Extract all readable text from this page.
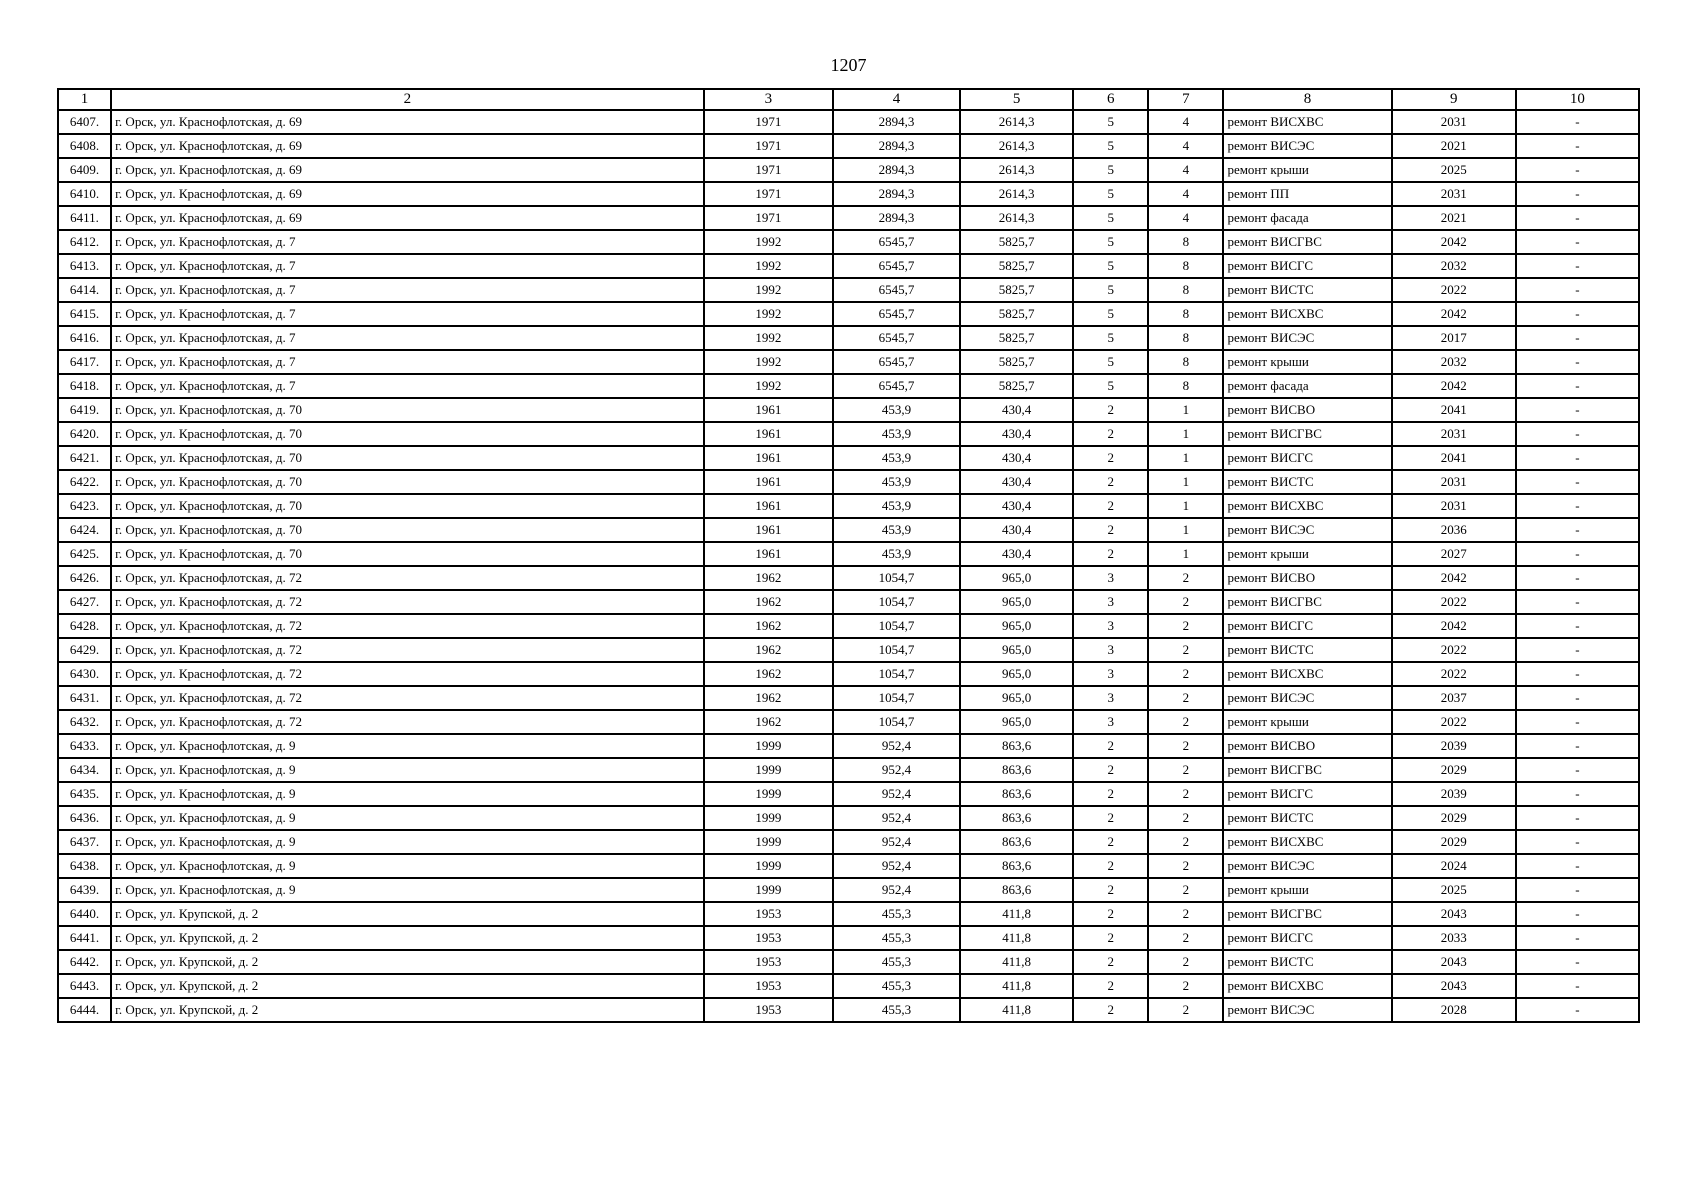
1207
1	2	3	4	5	6	7	8	9	10
6407.	г. Орск, ул. Краснофлотская, д. 69	1971	2894,3	2614,3	5	4	ремонт ВИСХВС	2031	-
6408.	г. Орск, ул. Краснофлотская, д. 69	1971	2894,3	2614,3	5	4	ремонт ВИСЭС	2021	-
6409.	г. Орск, ул. Краснофлотская, д. 69	1971	2894,3	2614,3	5	4	ремонт крыши	2025	-
6410.	г. Орск, ул. Краснофлотская, д. 69	1971	2894,3	2614,3	5	4	ремонт ПП	2031	-
6411.	г. Орск, ул. Краснофлотская, д. 69	1971	2894,3	2614,3	5	4	ремонт фасада	2021	-
6412.	г. Орск, ул. Краснофлотская, д. 7	1992	6545,7	5825,7	5	8	ремонт ВИСГВС	2042	-
6413.	г. Орск, ул. Краснофлотская, д. 7	1992	6545,7	5825,7	5	8	ремонт ВИСГС	2032	-
6414.	г. Орск, ул. Краснофлотская, д. 7	1992	6545,7	5825,7	5	8	ремонт ВИСТС	2022	-
6415.	г. Орск, ул. Краснофлотская, д. 7	1992	6545,7	5825,7	5	8	ремонт ВИСХВС	2042	-
6416.	г. Орск, ул. Краснофлотская, д. 7	1992	6545,7	5825,7	5	8	ремонт ВИСЭС	2017	-
6417.	г. Орск, ул. Краснофлотская, д. 7	1992	6545,7	5825,7	5	8	ремонт крыши	2032	-
6418.	г. Орск, ул. Краснофлотская, д. 7	1992	6545,7	5825,7	5	8	ремонт фасада	2042	-
6419.	г. Орск, ул. Краснофлотская, д. 70	1961	453,9	430,4	2	1	ремонт ВИСВО	2041	-
6420.	г. Орск, ул. Краснофлотская, д. 70	1961	453,9	430,4	2	1	ремонт ВИСГВС	2031	-
6421.	г. Орск, ул. Краснофлотская, д. 70	1961	453,9	430,4	2	1	ремонт ВИСГС	2041	-
6422.	г. Орск, ул. Краснофлотская, д. 70	1961	453,9	430,4	2	1	ремонт ВИСТС	2031	-
6423.	г. Орск, ул. Краснофлотская, д. 70	1961	453,9	430,4	2	1	ремонт ВИСХВС	2031	-
6424.	г. Орск, ул. Краснофлотская, д. 70	1961	453,9	430,4	2	1	ремонт ВИСЭС	2036	-
6425.	г. Орск, ул. Краснофлотская, д. 70	1961	453,9	430,4	2	1	ремонт крыши	2027	-
6426.	г. Орск, ул. Краснофлотская, д. 72	1962	1054,7	965,0	3	2	ремонт ВИСВО	2042	-
6427.	г. Орск, ул. Краснофлотская, д. 72	1962	1054,7	965,0	3	2	ремонт ВИСГВС	2022	-
6428.	г. Орск, ул. Краснофлотская, д. 72	1962	1054,7	965,0	3	2	ремонт ВИСГС	2042	-
6429.	г. Орск, ул. Краснофлотская, д. 72	1962	1054,7	965,0	3	2	ремонт ВИСТС	2022	-
6430.	г. Орск, ул. Краснофлотская, д. 72	1962	1054,7	965,0	3	2	ремонт ВИСХВС	2022	-
6431.	г. Орск, ул. Краснофлотская, д. 72	1962	1054,7	965,0	3	2	ремонт ВИСЭС	2037	-
6432.	г. Орск, ул. Краснофлотская, д. 72	1962	1054,7	965,0	3	2	ремонт крыши	2022	-
6433.	г. Орск, ул. Краснофлотская, д. 9	1999	952,4	863,6	2	2	ремонт ВИСВО	2039	-
6434.	г. Орск, ул. Краснофлотская, д. 9	1999	952,4	863,6	2	2	ремонт ВИСГВС	2029	-
6435.	г. Орск, ул. Краснофлотская, д. 9	1999	952,4	863,6	2	2	ремонт ВИСГС	2039	-
6436.	г. Орск, ул. Краснофлотская, д. 9	1999	952,4	863,6	2	2	ремонт ВИСТС	2029	-
6437.	г. Орск, ул. Краснофлотская, д. 9	1999	952,4	863,6	2	2	ремонт ВИСХВС	2029	-
6438.	г. Орск, ул. Краснофлотская, д. 9	1999	952,4	863,6	2	2	ремонт ВИСЭС	2024	-
6439.	г. Орск, ул. Краснофлотская, д. 9	1999	952,4	863,6	2	2	ремонт крыши	2025	-
6440.	г. Орск, ул. Крупской, д. 2	1953	455,3	411,8	2	2	ремонт ВИСГВС	2043	-
6441.	г. Орск, ул. Крупской, д. 2	1953	455,3	411,8	2	2	ремонт ВИСГС	2033	-
6442.	г. Орск, ул. Крупской, д. 2	1953	455,3	411,8	2	2	ремонт ВИСТС	2043	-
6443.	г. Орск, ул. Крупской, д. 2	1953	455,3	411,8	2	2	ремонт ВИСХВС	2043	-
6444.	г. Орск, ул. Крупской, д. 2	1953	455,3	411,8	2	2	ремонт ВИСЭС	2028	-
